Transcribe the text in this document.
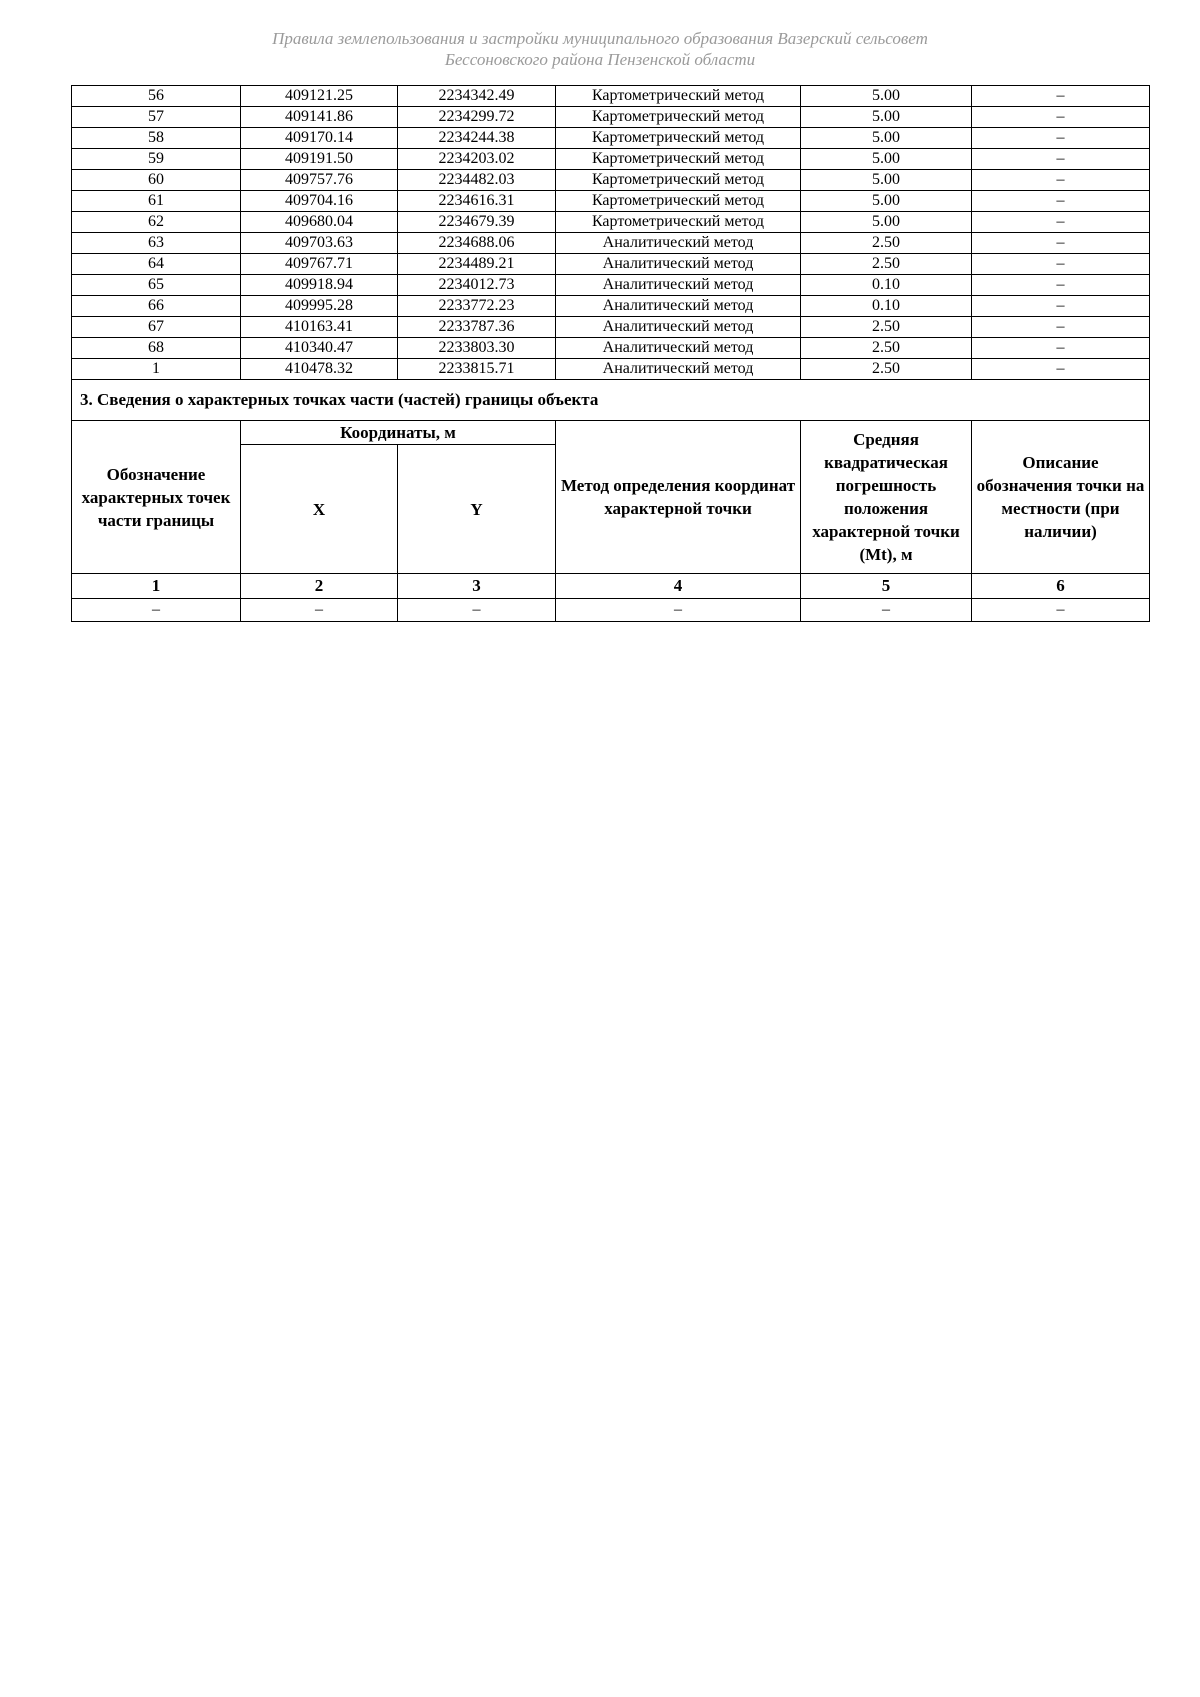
Правила землепользования и застройки муниципального образования Вазерский сельсовет
Бессоновского района Пензенской области
56	409121.25	2234342.49	Картометрический метод	5.00	–
57	409141.86	2234299.72	Картометрический метод	5.00	–
58	409170.14	2234244.38	Картометрический метод	5.00	–
59	409191.50	2234203.02	Картометрический метод	5.00	–
60	409757.76	2234482.03	Картометрический метод	5.00	–
61	409704.16	2234616.31	Картометрический метод	5.00	–
62	409680.04	2234679.39	Картометрический метод	5.00	–
63	409703.63	2234688.06	Аналитический метод	2.50	–
64	409767.71	2234489.21	Аналитический метод	2.50	–
65	409918.94	2234012.73	Аналитический метод	0.10	–
66	409995.28	2233772.23	Аналитический метод	0.10	–
67	410163.41	2233787.36	Аналитический метод	2.50	–
68	410340.47	2233803.30	Аналитический метод	2.50	–
1	410478.32	2233815.71	Аналитический метод	2.50	–
3. Сведения о характерных точках части (частей) границы объекта					
Обозначение характерных точек части границы	Координаты, м		Метод определения координат характерной точки	Средняя квадратическая погрешность положения характерной точки (Mt), м	Описание обозначения точки на местности (при наличии)
	X	Y			
1	2	3	4	5	6
–	–	–	–	–	–
